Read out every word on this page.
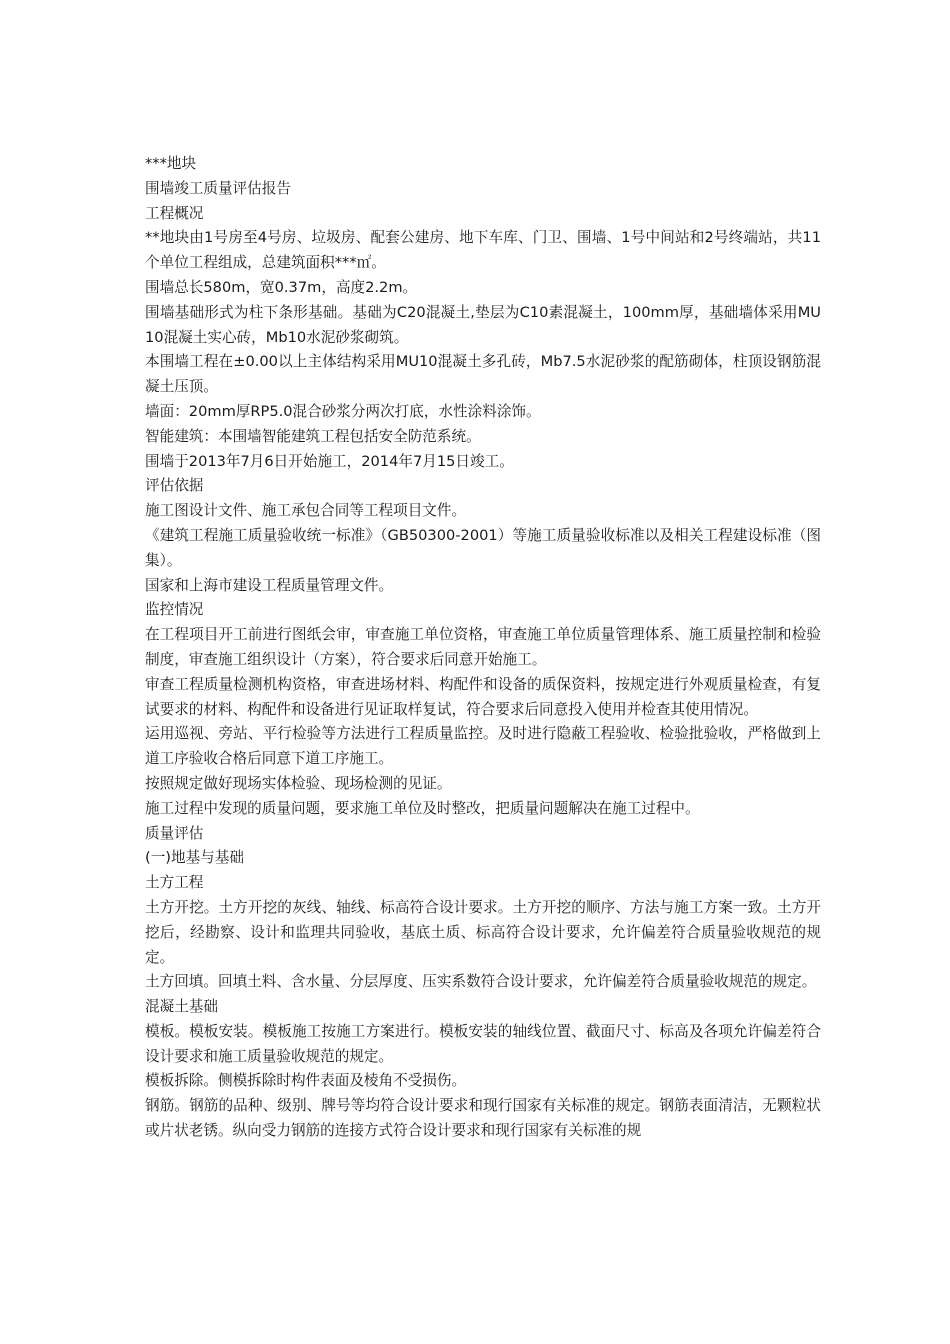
***地块

围墙竣工质量评估报告

工程概况

**地块由1号房至4号房、垃圾房、配套公建房、地下车库、门卫、围墙、1号中间站和2号终端站，共11个单位工程组成，总建筑面积***㎡。

围墙总长580m，宽0.37m，高度2.2m。

围墙基础形式为柱下条形基础。基础为C20混凝土,垫层为C10素混凝土，100mm厚，基础墙体采用MU10混凝土实心砖，Mb10水泥砂浆砌筑。

本围墙工程在±0.00以上主体结构采用MU10混凝土多孔砖，Mb7.5水泥砂浆的配筋砌体，柱顶设钢筋混凝土压顶。

墙面：20mm厚RP5.0混合砂浆分两次打底，水性涂料涂饰。

智能建筑：本围墙智能建筑工程包括安全防范系统。

围墙于2013年7月6日开始施工，2014年7月15日竣工。

评估依据

施工图设计文件、施工承包合同等工程项目文件。

《建筑工程施工质量验收统一标准》（GB50300-2001）等施工质量验收标准以及相关工程建设标准（图集）。

国家和上海市建设工程质量管理文件。

监控情况

在工程项目开工前进行图纸会审，审查施工单位资格，审查施工单位质量管理体系、施工质量控制和检验制度，审查施工组织设计（方案），符合要求后同意开始施工。

审查工程质量检测机构资格，审查进场材料、构配件和设备的质保资料，按规定进行外观质量检查，有复试要求的材料、构配件和设备进行见证取样复试，符合要求后同意投入使用并检查其使用情况。

运用巡视、旁站、平行检验等方法进行工程质量监控。及时进行隐蔽工程验收、检验批验收，严格做到上道工序验收合格后同意下道工序施工。

按照规定做好现场实体检验、现场检测的见证。

施工过程中发现的质量问题，要求施工单位及时整改，把质量问题解决在施工过程中。

质量评估

(一)地基与基础

土方工程

土方开挖。土方开挖的灰线、轴线、标高符合设计要求。土方开挖的顺序、方法与施工方案一致。土方开挖后，经勘察、设计和监理共同验收，基底土质、标高符合设计要求，允许偏差符合质量验收规范的规定。

土方回填。回填土料、含水量、分层厚度、压实系数符合设计要求，允许偏差符合质量验收规范的规定。

混凝土基础

模板。模板安装。模板施工按施工方案进行。模板安装的轴线位置、截面尺寸、标高及各项允许偏差符合设计要求和施工质量验收规范的规定。

模板拆除。侧模拆除时构件表面及棱角不受损伤。

钢筋。钢筋的品种、级别、牌号等均符合设计要求和现行国家有关标准的规定。钢筋表面清洁，无颗粒状或片状老锈。纵向受力钢筋的连接方式符合设计要求和现行国家有关标准的规
